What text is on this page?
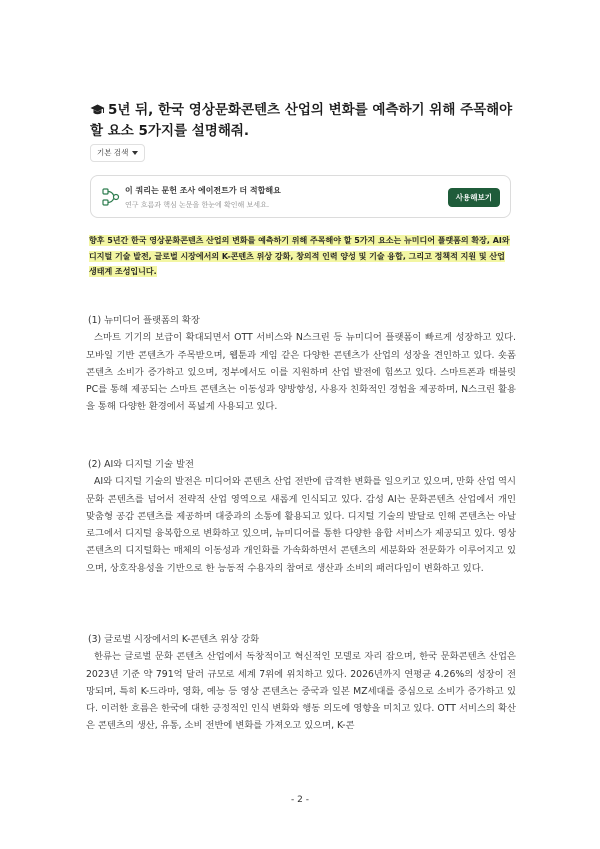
5년 뒤, 한국 영상문화콘텐츠 산업의 변화를 예측하기 위해 주목해야 할 요소 5가지를 설명해줘.
기본 검색
이 쿼리는 문헌 조사 에이전트가 더 적합해요
연구 흐름과 핵심 논문을 한눈에 확인해 보세요.
사용해보기
향후 5년간 한국 영상문화콘텐츠 산업의 변화를 예측하기 위해 주목해야 할 5가지 요소는 뉴미디어 플랫폼의 확장, AI와 디지털 기술 발전, 글로벌 시장에서의 K-콘텐츠 위상 강화, 창의적 인력 양성 및 기술 융합, 그리고 정책적 지원 및 산업 생태계 조성입니다.
(1) 뉴미디어 플랫폼의 확장
스마트 기기의 보급이 확대되면서 OTT 서비스와 N스크린 등 뉴미디어 플랫폼이 빠르게 성장하고 있다. 모바일 기반 콘텐츠가 주목받으며, 웹툰과 게임 같은 다양한 콘텐츠가 산업의 성장을 견인하고 있다. 숏폼 콘텐츠 소비가 증가하고 있으며, 정부에서도 이를 지원하며 산업 발전에 힘쓰고 있다. 스마트폰과 태블릿 PC를 통해 제공되는 스마트 콘텐츠는 이동성과 양방향성, 사용자 친화적인 경험을 제공하며, N스크린 활용을 통해 다양한 환경에서 폭넓게 사용되고 있다.
(2) AI와 디지털 기술 발전
AI와 디지털 기술의 발전은 미디어와 콘텐츠 산업 전반에 급격한 변화를 일으키고 있으며, 만화 산업 역시 문화 콘텐츠를 넘어서 전략적 산업 영역으로 새롭게 인식되고 있다. 감성 AI는 문화콘텐츠 산업에서 개인 맞춤형 공감 콘텐츠를 제공하며 대중과의 소통에 활용되고 있다. 디지털 기술의 발달로 인해 콘텐츠는 아날로그에서 디지털 융복합으로 변화하고 있으며, 뉴미디어를 통한 다양한 융합 서비스가 제공되고 있다. 영상 콘텐츠의 디지털화는 매체의 이동성과 개인화를 가속화하면서 콘텐츠의 세분화와 전문화가 이루어지고 있으며, 상호작용성을 기반으로 한 능동적 수용자의 참여로 생산과 소비의 패러다임이 변화하고 있다.
(3) 글로벌 시장에서의 K-콘텐츠 위상 강화
한류는 글로벌 문화 콘텐츠 산업에서 독창적이고 혁신적인 모델로 자리 잡으며, 한국 문화콘텐츠 산업은 2023년 기준 약 791억 달러 규모로 세계 7위에 위치하고 있다. 2026년까지 연평균 4.26%의 성장이 전망되며, 특히 K-드라마, 영화, 예능 등 영상 콘텐츠는 중국과 일본 MZ세대를 중심으로 소비가 증가하고 있다. 이러한 흐름은 한국에 대한 긍정적인 인식 변화와 행동 의도에 영향을 미치고 있다. OTT 서비스의 확산은 콘텐츠의 생산, 유통, 소비 전반에 변화를 가져오고 있으며, K-콘
- 2 -
